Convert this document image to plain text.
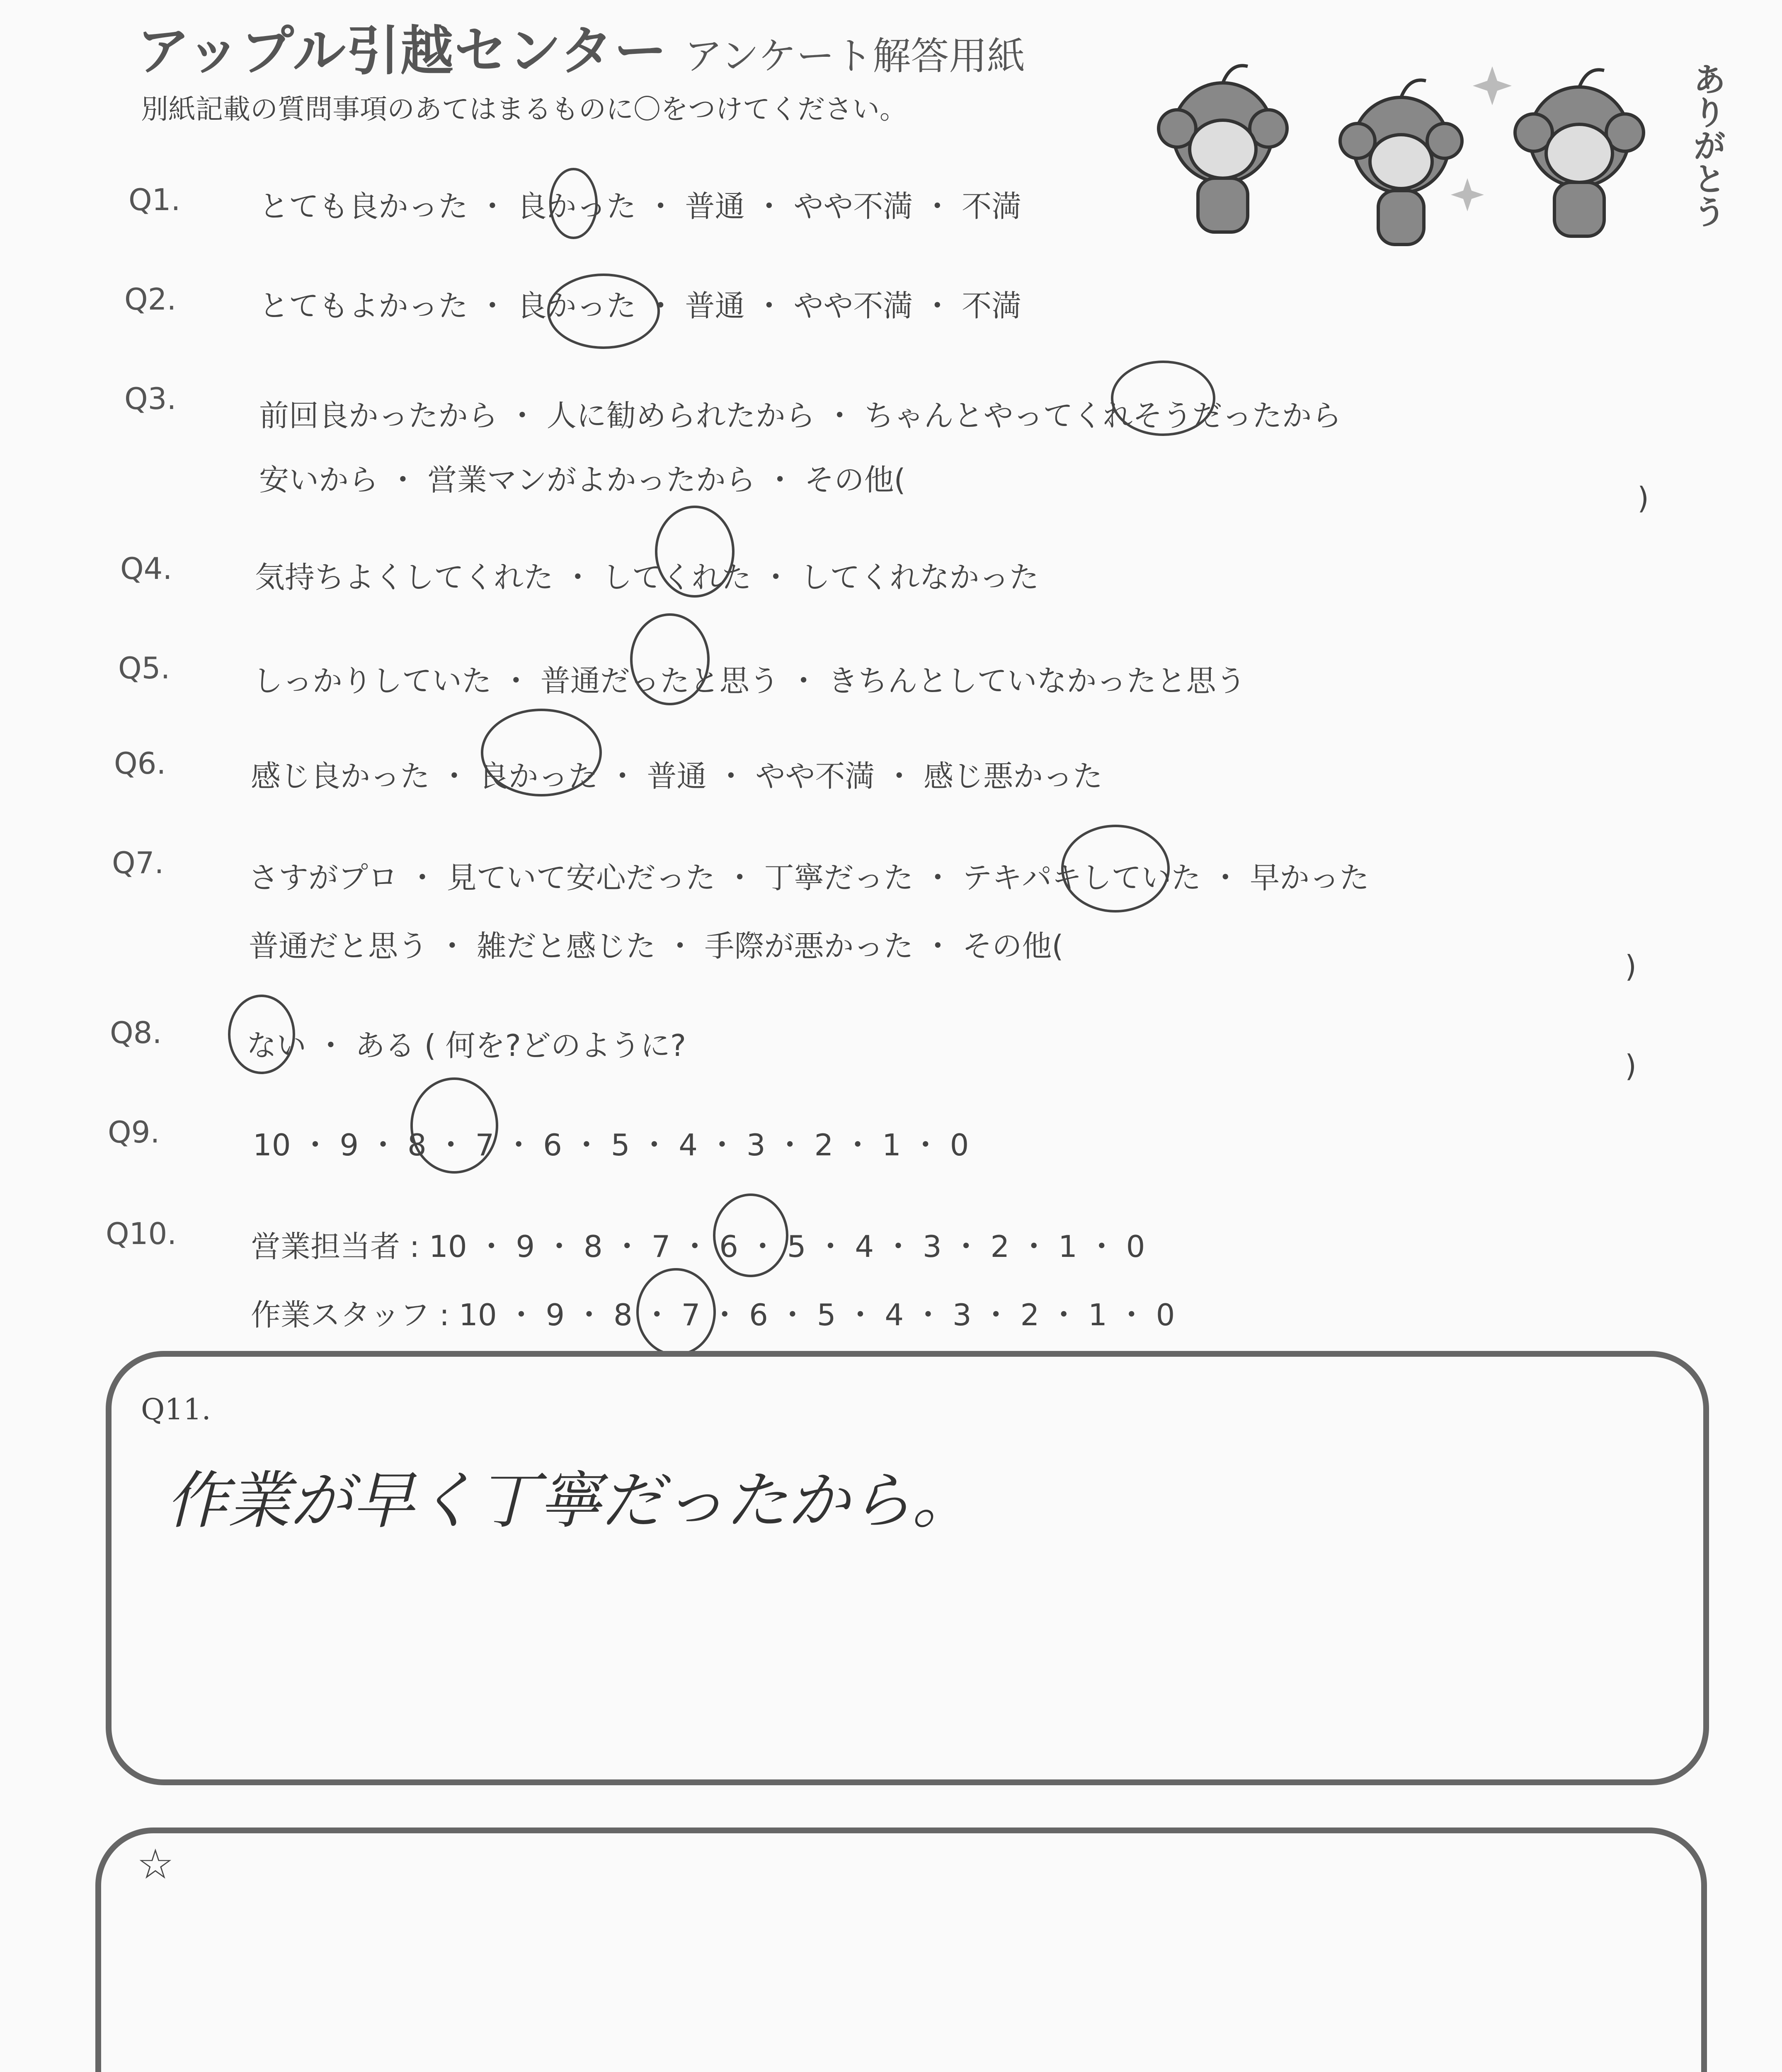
アップル引越センター アンケート解答用紙
別紙記載の質問事項のあてはまるものに〇をつけてください。	ありがとう
Q1.	とても良かった ・ 良かった ・ 普通 ・ やや不満 ・ 不満
Q2.	とてもよかった ・ 良かった ・ 普通 ・ やや不満 ・ 不満
Q3.	前回良かったから ・ 人に勧められたから ・ ちゃんとやってくれそうだったから
安いから ・ 営業マンがよかったから ・ その他(
)
Q4.	気持ちよくしてくれた ・ してくれた ・ してくれなかった
Q5.	しっかりしていた ・ 普通だったと思う ・ きちんとしていなかったと思う
Q6.	感じ良かった ・ 良かった ・ 普通 ・ やや不満 ・ 感じ悪かった
Q7.	さすがプロ ・ 見ていて安心だった ・ 丁寧だった ・ テキパキしていた ・ 早かった
普通だと思う ・ 雑だと感じた ・ 手際が悪かった ・ その他(
)
Q8.	ない ・ ある ( 何を?どのように?
)
Q9.	10 ・ 9 ・ 8 ・ 7 ・ 6 ・ 5 ・ 4 ・ 3 ・ 2 ・ 1 ・ 0
Q10. 営業担当者 : 10 ・ 9 ・ 8 ・ 7 ・ 6 ・ 5 ・ 4 ・ 3 ・ 2 ・ 1 ・ 0
作業スタッフ : 10 ・ 9 ・ 8 ・ 7 ・ 6 ・ 5 ・ 4 ・ 3 ・ 2 ・ 1 ・ 0
Q11.
作業が早く丁寧だったから。
☆
